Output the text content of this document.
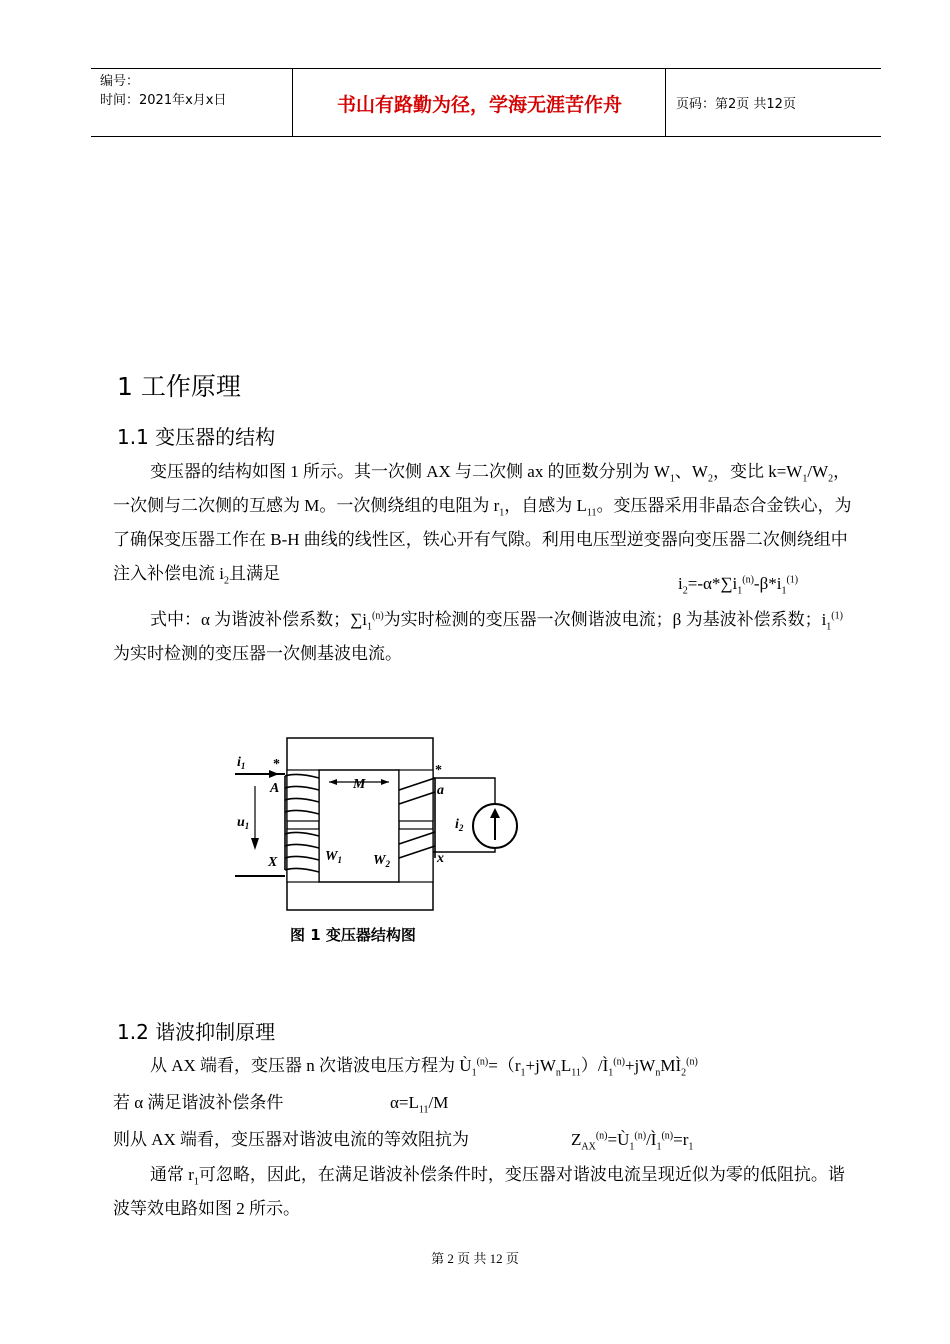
编号：
时间：2021年x月x日	书山有路勤为径，学海无涯苦作舟	页码：第2页 共12页
1 工作原理
1.1 变压器的结构
变压器的结构如图 1 所示。其一次侧 AX 与二次侧 ax 的匝数分别为 $W_1$、$W_2$，变比 $k=W_1/W_2$，一次侧与二次侧的互感为 M。一次侧绕组的电阻为 $r_1$，自感为 $L_{11}$。变压器采用非晶态合金铁心，为了确保变压器工作在 B-H 曲线的线性区，铁心开有气隙。利用电压型逆变器向变压器二次侧绕组中注入补偿电流 $i_2$且满足
$i_2=-\alpha*\sum i_1^{(n)}-\beta*i_1^{(1)}$
式中：α 为谐波补偿系数；$\sum i_1^{(n)}$为实时检测的变压器一次侧谐波电流；β 为基波补偿系数；$i_1^{(1)}$为实时检测的变压器一次侧基波电流。
$i_1$ *
A
$u_1$
X
M
$W_1$ $W_2$
*
a
x
$i_2$
图 1 变压器结构图
1.2 谐波抑制原理
从 AX 端看，变压器 n 次谐波电压方程为 $Ù_1^{(n)}=(r_1+jW_nL_{11})/Ì_1^{(n)}+jW_nMÌ_2^{(n)}$
若 α 满足谐波补偿条件	$\alpha=L_{11}/M$
则从 AX 端看，变压器对谐波电流的等效阻抗为	$Z_{AX}^{(n)}=Ù_1^{(n)}/Ì_1^{(n)}=r_1$
通常 $r_1$可忽略，因此，在满足谐波补偿条件时，变压器对谐波电流呈现近似为零的低阻抗。谐波等效电路如图 2 所示。
第 2 页 共 12 页
